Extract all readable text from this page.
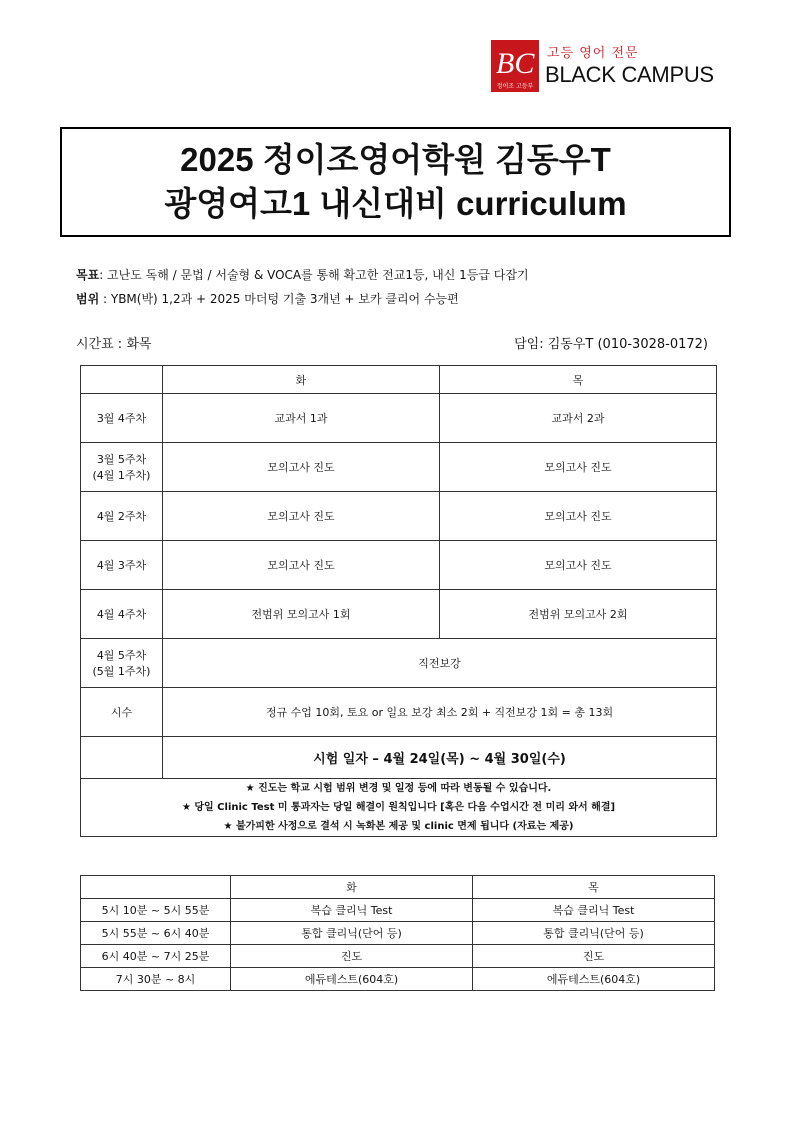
BC
정이조 고등부
고등 영어 전문
BLACK CAMPUS
2025 정이조영어학원 김동우T
광영여고1 내신대비 curriculum
목표: 고난도 독해 / 문법 / 서술형 & VOCA를 통해 확고한 전교1등, 내신 1등급 다잡기
범위 : YBM(박) 1,2과 + 2025 마더텅 기출 3개년 + 보카 클리어 수능편
시간표 : 화목	담임: 김동우T (010-3028-0172)
	화	목
3월 4주차	교과서 1과	교과서 2과
3월 5주차
(4월 1주차)	모의고사 진도	모의고사 진도
4월 2주차	모의고사 진도	모의고사 진도
4월 3주차	모의고사 진도	모의고사 진도
4월 4주차	전범위 모의고사 1회	전범위 모의고사 2회
4월 5주차
(5월 1주차)	직전보강	
시수	정규 수업 10회, 토요 or 일요 보강 최소 2회 + 직전보강 1회 = 총 13회	
	시험 일자 – 4월 24일(목) ~ 4월 30일(수)	

★ 진도는 학교 시험 범위 변경 및 일정 등에 따라 변동될 수 있습니다.
★ 당일 Clinic Test 미 통과자는 당일 해결이 원칙입니다 [혹은 다음 수업시간 전 미리 와서 해결]
★ 불가피한 사정으로 결석 시 녹화본 제공 및 clinic 면제 됩니다 (자료는 제공)		
	화	목
5시 10분 ~ 5시 55분	복습 클리닉 Test	복습 클리닉 Test
5시 55분 ~ 6시 40분	통합 클리닉(단어 등)	통합 클리닉(단어 등)
6시 40분 ~ 7시 25분	진도	진도
7시 30분 ~ 8시	에듀테스트(604호)	에듀테스트(604호)
